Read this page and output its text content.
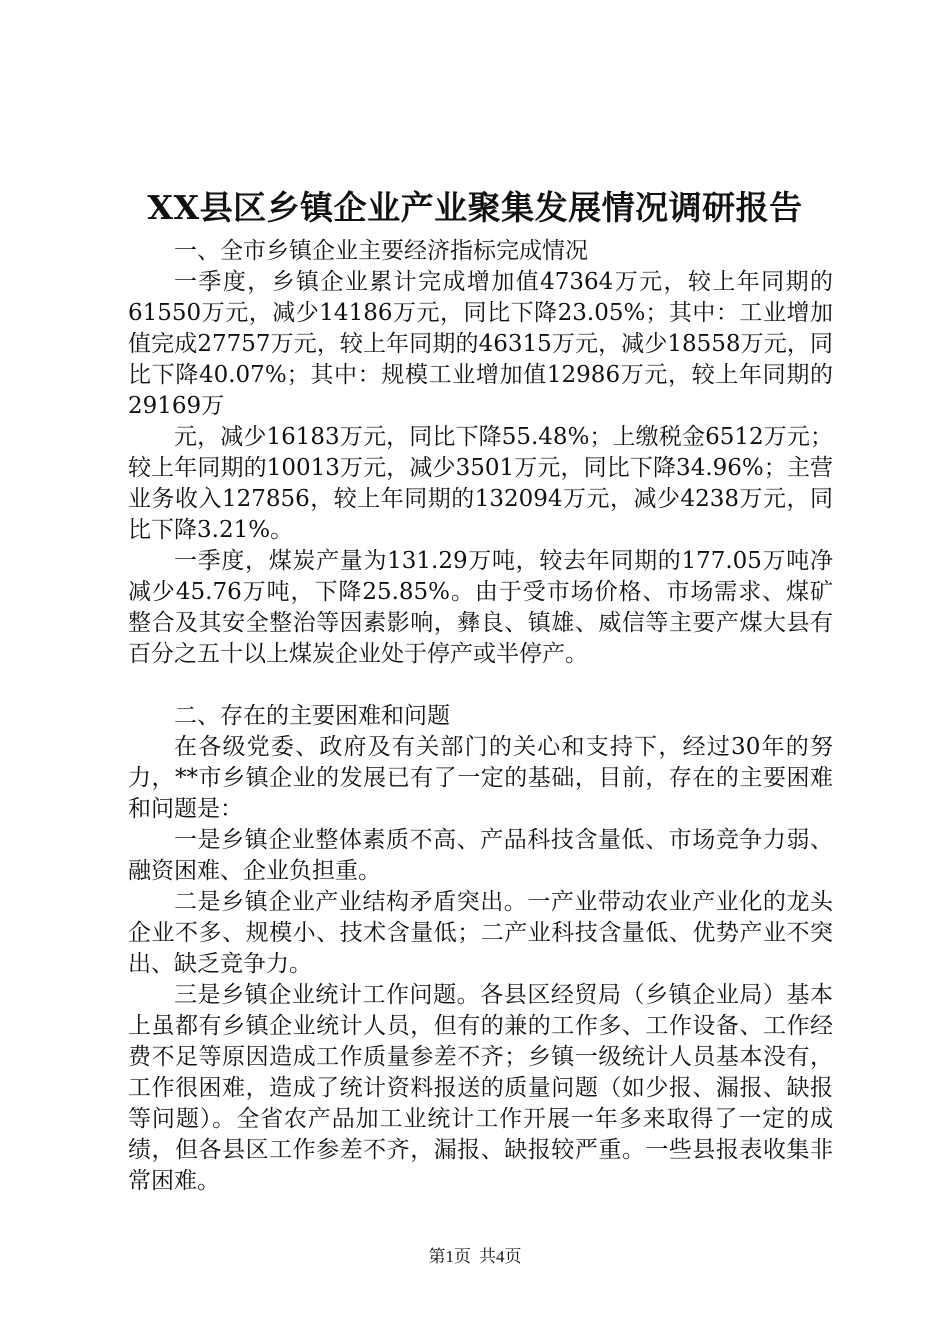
XX县区乡镇企业产业聚集发展情况调研报告

一、全市乡镇企业主要经济指标完成情况

一季度，乡镇企业累计完成增加值47364万元，较上年同期的61550万元，减少14186万元，同比下降23.05%；其中：工业增加值完成27757万元，较上年同期的46315万元，减少18558万元，同比下降40.07%；其中：规模工业增加值12986万元，较上年同期的29169万

元，减少16183万元，同比下降55.48%；上缴税金6512万元；较上年同期的10013万元，减少3501万元，同比下降34.96%；主营业务收入127856，较上年同期的132094万元，减少4238万元，同比下降3.21%。

一季度，煤炭产量为131.29万吨，较去年同期的177.05万吨净减少45.76万吨，下降25.85%。由于受市场价格、市场需求、煤矿整合及其安全整治等因素影响，彝良、镇雄、威信等主要产煤大县有百分之五十以上煤炭企业处于停产或半停产。

二、存在的主要困难和问题

在各级党委、政府及有关部门的关心和支持下，经过30年的努力，**市乡镇企业的发展已有了一定的基础，目前，存在的主要困难和问题是：

一是乡镇企业整体素质不高、产品科技含量低、市场竞争力弱、融资困难、企业负担重。

二是乡镇企业产业结构矛盾突出。一产业带动农业产业化的龙头企业不多、规模小、技术含量低；二产业科技含量低、优势产业不突出、缺乏竞争力。

三是乡镇企业统计工作问题。各县区经贸局（乡镇企业局）基本上虽都有乡镇企业统计人员，但有的兼的工作多、工作设备、工作经费不足等原因造成工作质量参差不齐；乡镇一级统计人员基本没有，工作很困难，造成了统计资料报送的质量问题（如少报、漏报、缺报等问题）。全省农产品加工业统计工作开展一年多来取得了一定的成绩，但各县区工作参差不齐，漏报、缺报较严重。一些县报表收集非常困难。

第1页 共4页
